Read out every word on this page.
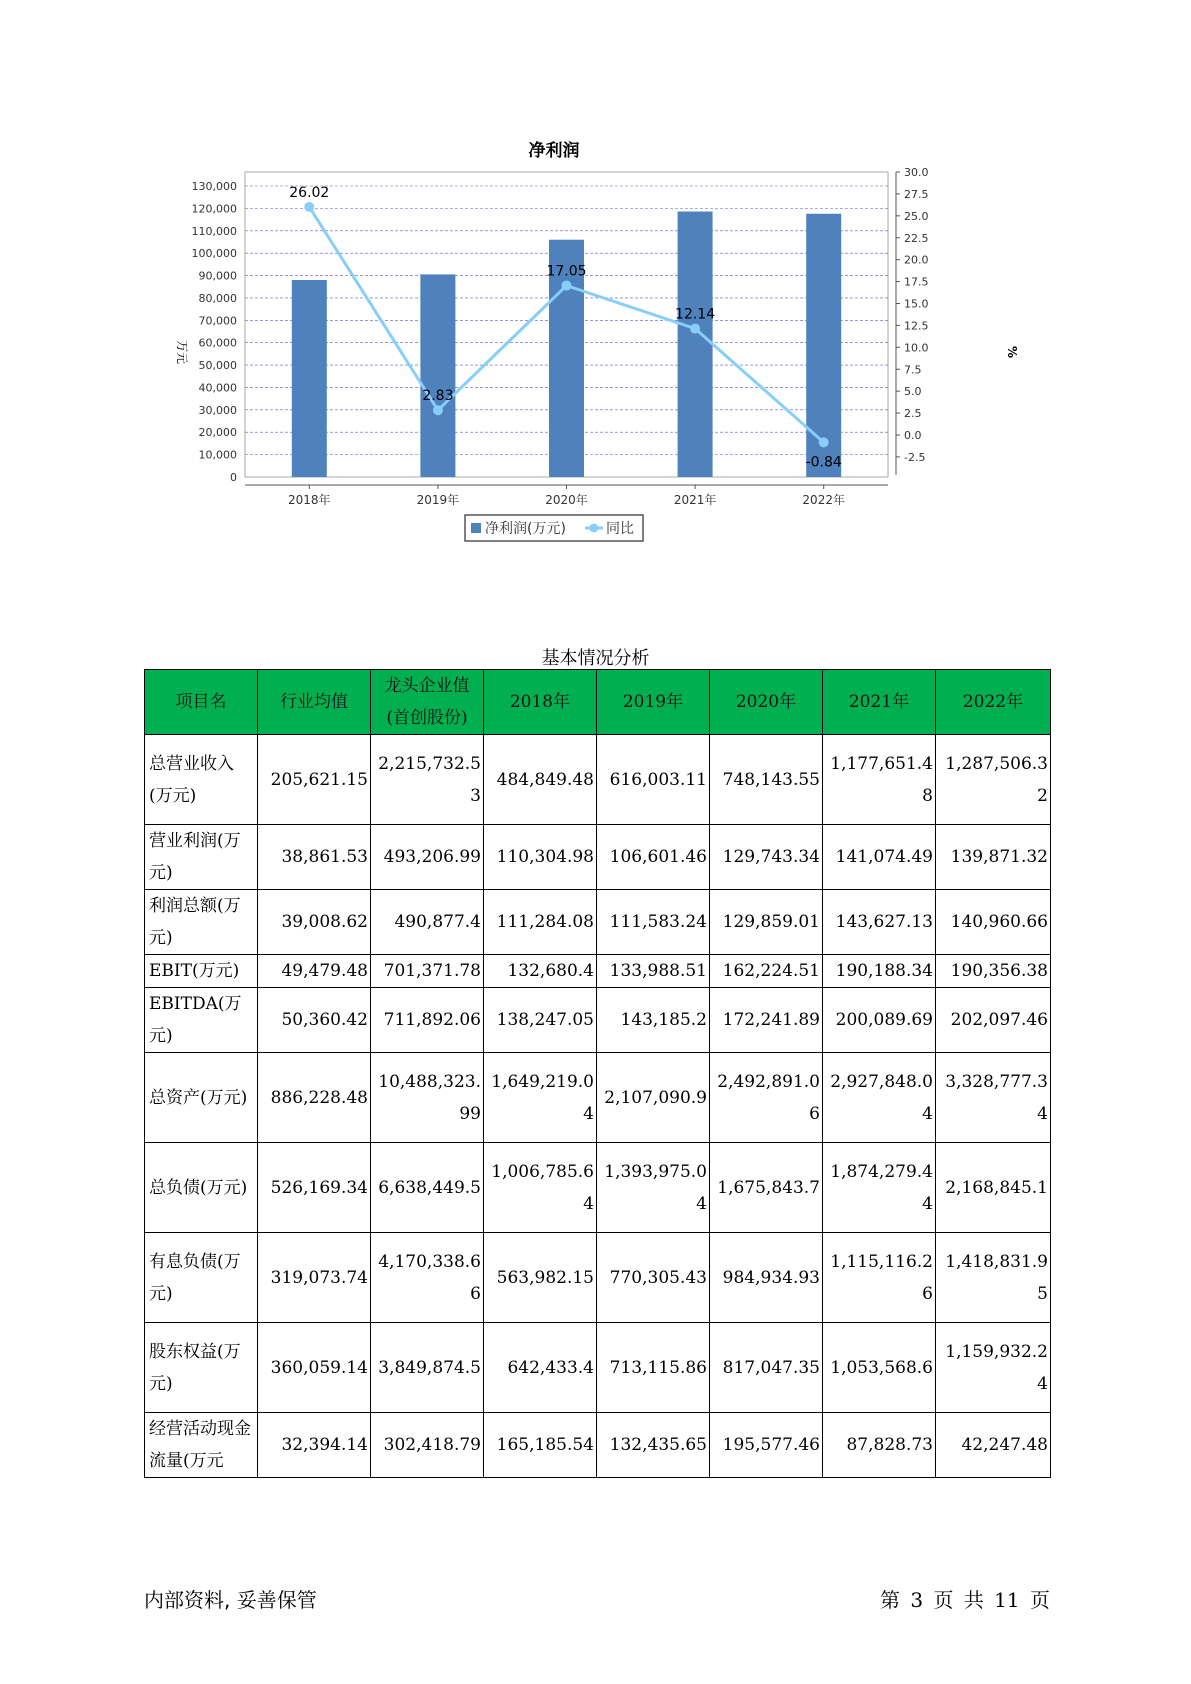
净利润
26.02
2.83
17.05
12.14
-0.84
0
10,000
20,000
30,000
40,000
50,000
60,000
70,000
80,000
90,000
100,000
110,000
120,000
130,000
-2.5
0.0
2.5
5.0
7.5
10.0
12.5
15.0
17.5
20.0
22.5
25.0
27.5
30.0
2018年	2019年	2020年	2021年	2022年
万元	%
净利润(万元)	同比
基本情况分析
项目名	行业均值	龙头企业值(首创股份)	2018年	2019年	2020年	2021年	2022年
总营业收入(万元)	205,621.15	2,215,732.53	484,849.48	616,003.11	748,143.55	1,177,651.48	1,287,506.32
营业利润(万元)	38,861.53	493,206.99	110,304.98	106,601.46	129,743.34	141,074.49	139,871.32
利润总额(万元)	39,008.62	490,877.4	111,284.08	111,583.24	129,859.01	143,627.13	140,960.66
EBIT(万元)	49,479.48	701,371.78	132,680.4	133,988.51	162,224.51	190,188.34	190,356.38
EBITDA(万元)	50,360.42	711,892.06	138,247.05	143,185.2	172,241.89	200,089.69	202,097.46
总资产(万元)	886,228.48	10,488,323.99	1,649,219.04	2,107,090.9	2,492,891.06	2,927,848.04	3,328,777.34
总负债(万元)	526,169.34	6,638,449.5	1,006,785.64	1,393,975.04	1,675,843.7	1,874,279.44	2,168,845.1
有息负债(万元)	319,073.74	4,170,338.66	563,982.15	770,305.43	984,934.93	1,115,116.26	1,418,831.95
股东权益(万元)	360,059.14	3,849,874.5	642,433.4	713,115.86	817,047.35	1,053,568.6	1,159,932.24
经营活动现金流量(万元	32,394.14	302,418.79	165,185.54	132,435.65	195,577.46	87,828.73	42,247.48
内部资料, 妥善保管	第 3 页 共 11 页
